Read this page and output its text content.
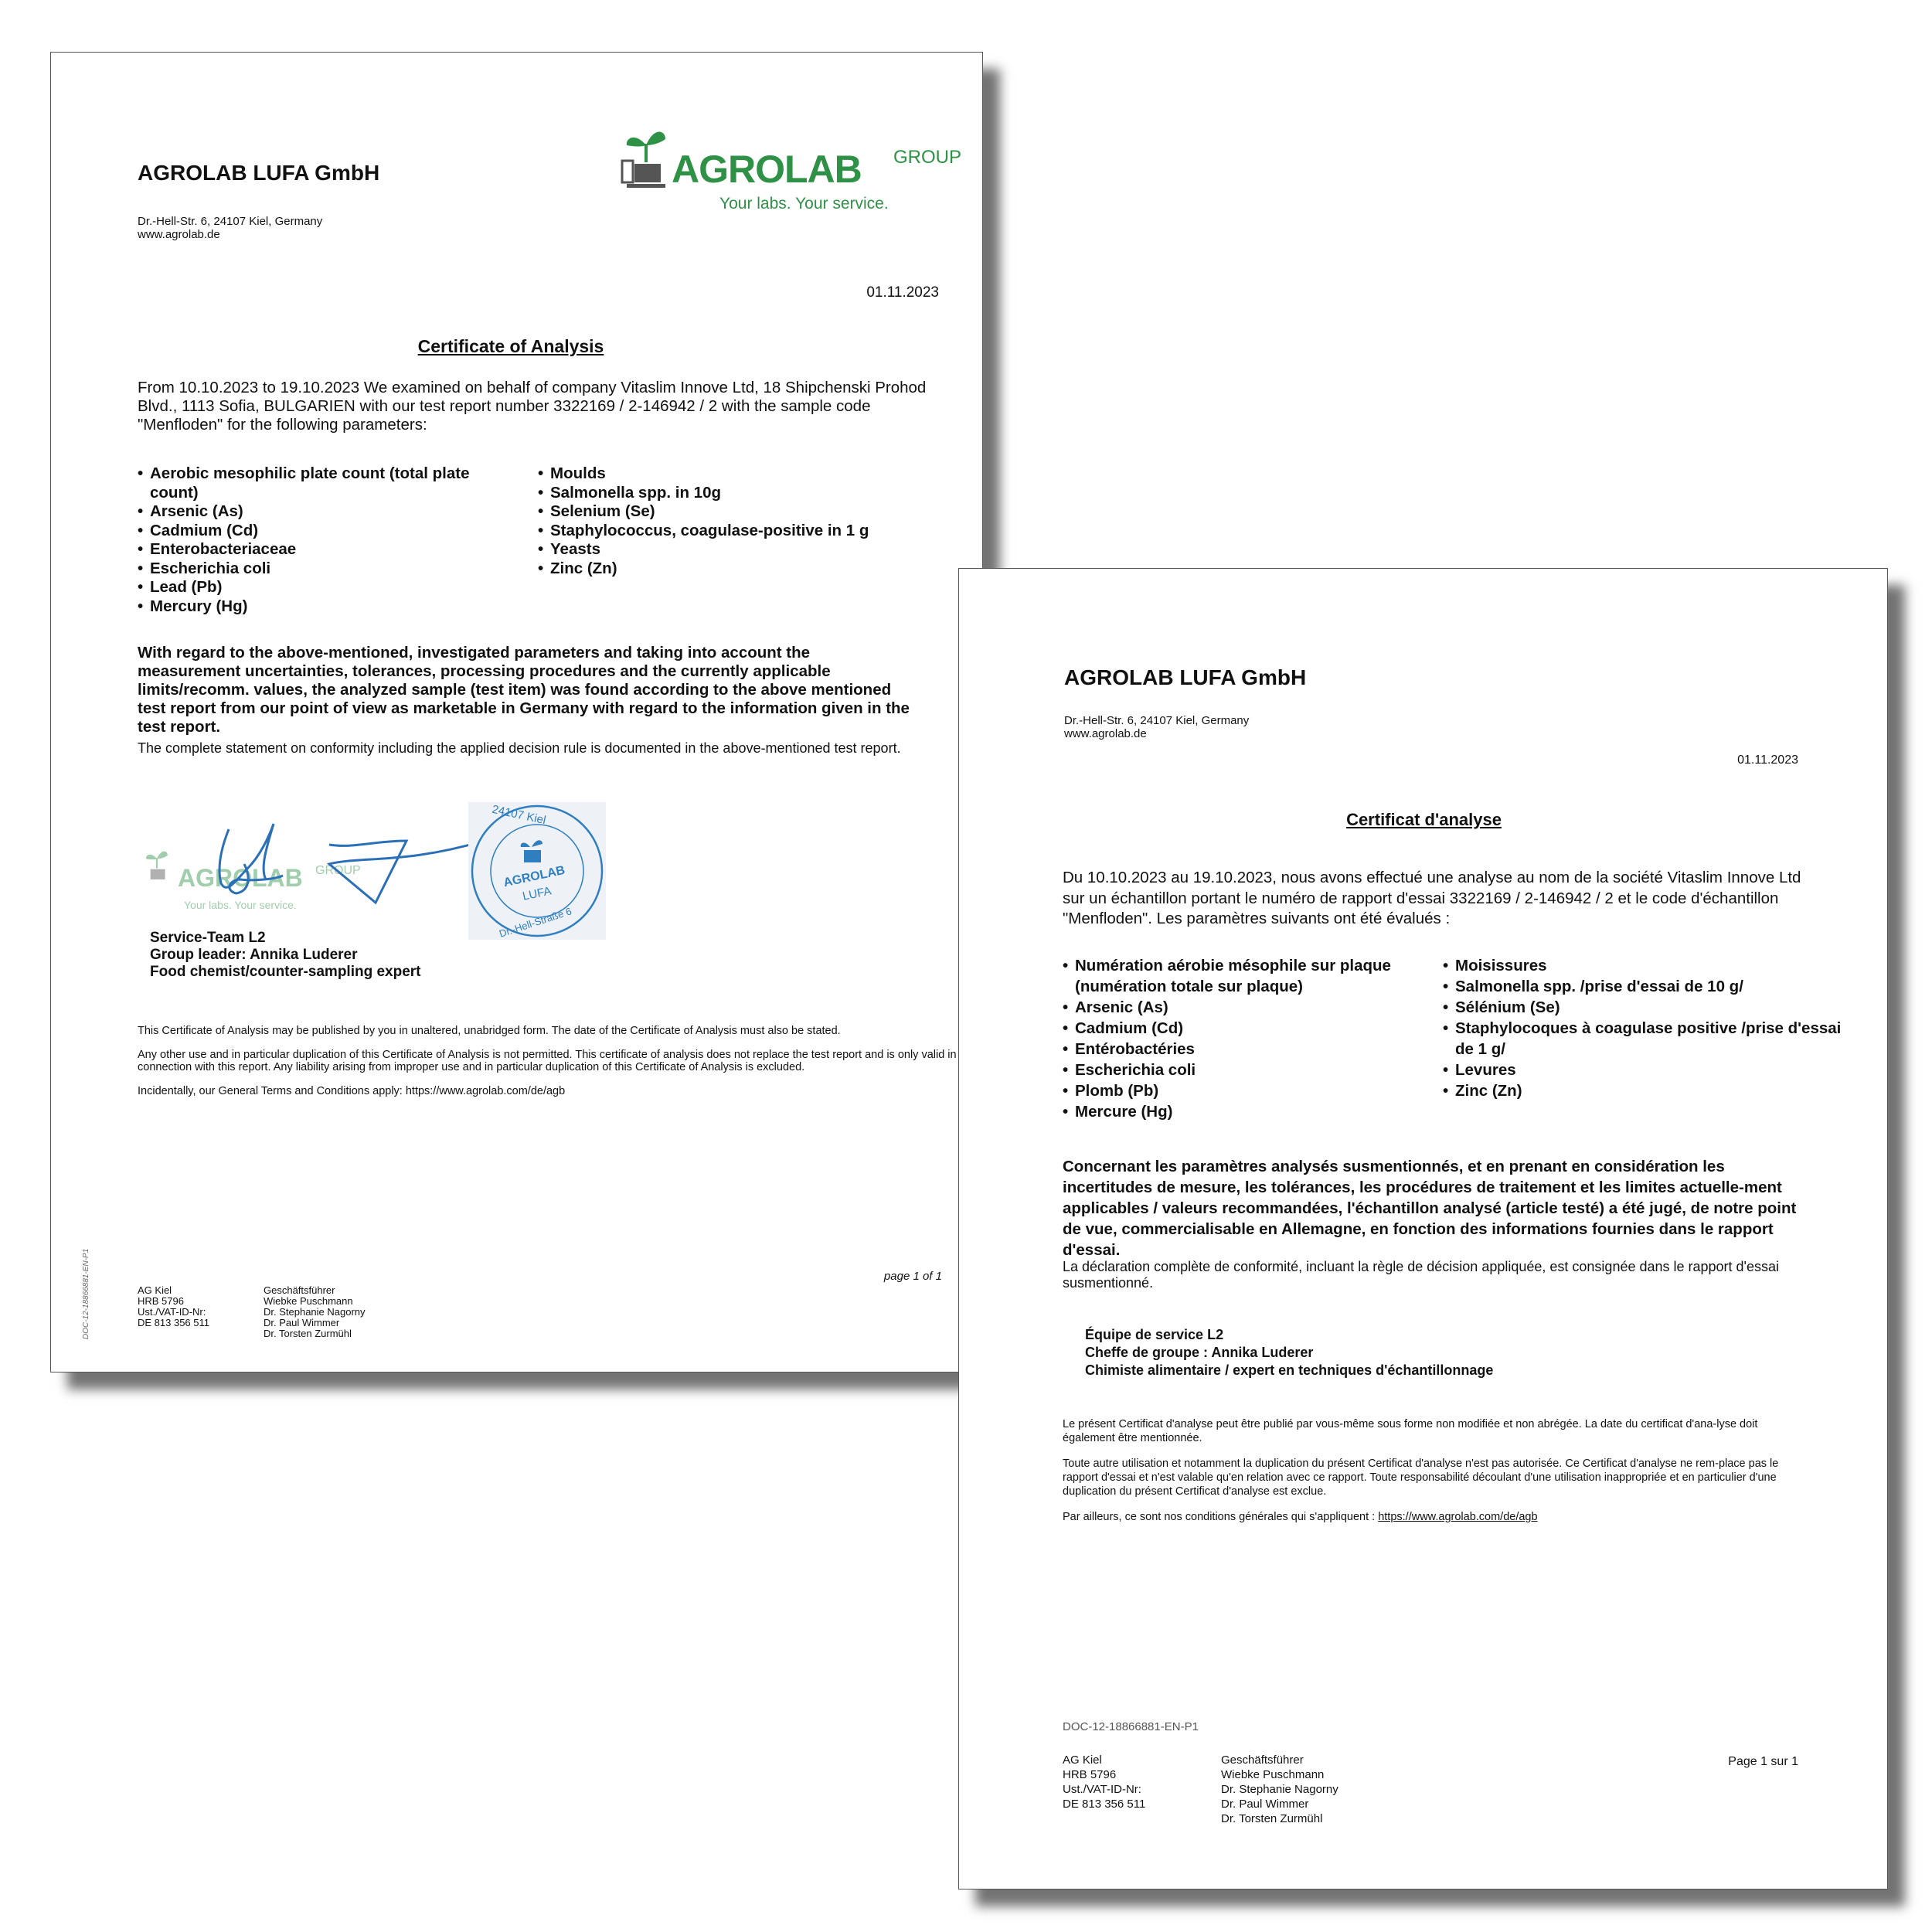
AGROLAB LUFA GmbH
Dr.-Hell-Str. 6, 24107 Kiel, Germany
www.agrolab.de
AGROLAB GROUP
Your labs. Your service.
01.11.2023
Certificate of Analysis
From 10.10.2023 to 19.10.2023 We examined on behalf of company Vitaslim Innove Ltd, 18 Shipchenski Prohod Blvd., 1113 Sofia, BULGARIEN with our test report number 3322169 / 2-146942 / 2 with the sample code "Menfloden" for the following parameters:
• Aerobic mesophilic plate count (total plate count)
• Arsenic (As)
• Cadmium (Cd)
• Enterobacteriaceae
• Escherichia coli
• Lead (Pb)
• Mercury (Hg)
• Moulds
• Salmonella spp. in 10g
• Selenium (Se)
• Staphylococcus, coagulase-positive in 1 g
• Yeasts
• Zinc (Zn)
With regard to the above-mentioned, investigated parameters and taking into account the measurement uncertainties, tolerances, processing procedures and the currently applicable limits/recomm. values, the analyzed sample (test item) was found according to the above mentioned test report from our point of view as marketable in Germany with regard to the information given in the test report.
The complete statement on conformity including the applied decision rule is documented in the above-mentioned test report.
AGROLAB GROUP
Your labs. Your service.
24107 Kiel
AGROLAB
LUFA
Dr.-Hell-Straße 6
Service-Team L2
Group leader: Annika Luderer
Food chemist/counter-sampling expert

This Certificate of Analysis may be published by you in unaltered, unabridged form. The date of the Certificate of Analysis must also be stated.

Any other use and in particular duplication of this Certificate of Analysis is not permitted. This certificate of analysis does not replace the test report and is only valid in connection with this report. Any liability arising from improper use and in particular duplication of this Certificate of Analysis is excluded.

Incidentally, our General Terms and Conditions apply: https://www.agrolab.com/de/agb

DOC-12-18866881-EN-P1	page 1 of 1
AG Kiel
HRB 5796
Ust./VAT-ID-Nr:
DE 813 356 511
Geschäftsführer
Wiebke Puschmann
Dr. Stephanie Nagorny
Dr. Paul Wimmer
Dr. Torsten Zurmühl
AGROLAB LUFA GmbH
Dr.-Hell-Str. 6, 24107 Kiel, Germany
www.agrolab.de
01.11.2023
Certificat d'analyse
Du 10.10.2023 au 19.10.2023, nous avons effectué une analyse au nom de la société Vitaslim Innove Ltd sur un échantillon portant le numéro de rapport d'essai 3322169 / 2-146942 / 2 et le code d'échantillon "Menfloden". Les paramètres suivants ont été évalués :
• Numération aérobie mésophile sur plaque (numération totale sur plaque)
• Arsenic (As)
• Cadmium (Cd)
• Entérobactéries
• Escherichia coli
• Plomb (Pb)
• Mercure (Hg)
• Moisissures
• Salmonella spp. /prise d'essai de 10 g/
• Sélénium (Se)
• Staphylocoques à coagulase positive /prise d'essai de 1 g/
• Levures
• Zinc (Zn)
Concernant les paramètres analysés susmentionnés, et en prenant en considération les incertitudes de mesure, les tolérances, les procédures de traitement et les limites actuelle-ment applicables / valeurs recommandées, l'échantillon analysé (article testé) a été jugé, de notre point de vue, commercialisable en Allemagne, en fonction des informations fournies dans le rapport d'essai.
La déclaration complète de conformité, incluant la règle de décision appliquée, est consignée dans le rapport d'essai susmentionné.
Équipe de service L2
Cheffe de groupe : Annika Luderer
Chimiste alimentaire / expert en techniques d'échantillonnage

Le présent Certificat d'analyse peut être publié par vous-même sous forme non modifiée et non abrégée. La date du certificat d'ana-lyse doit également être mentionnée.

Toute autre utilisation et notamment la duplication du présent Certificat d'analyse n'est pas autorisée. Ce Certificat d'analyse ne rem-place pas le rapport d'essai et n'est valable qu'en relation avec ce rapport. Toute responsabilité découlant d'une utilisation inappropriée et en particulier d'une duplication du présent Certificat d'analyse est exclue.

Par ailleurs, ce sont nos conditions générales qui s'appliquent : https://www.agrolab.com/de/agb

DOC-12-18866881-EN-P1
Page 1 sur 1
AG Kiel
HRB 5796
Ust./VAT-ID-Nr:
DE 813 356 511
Geschäftsführer
Wiebke Puschmann
Dr. Stephanie Nagorny
Dr. Paul Wimmer
Dr. Torsten Zurmühl
